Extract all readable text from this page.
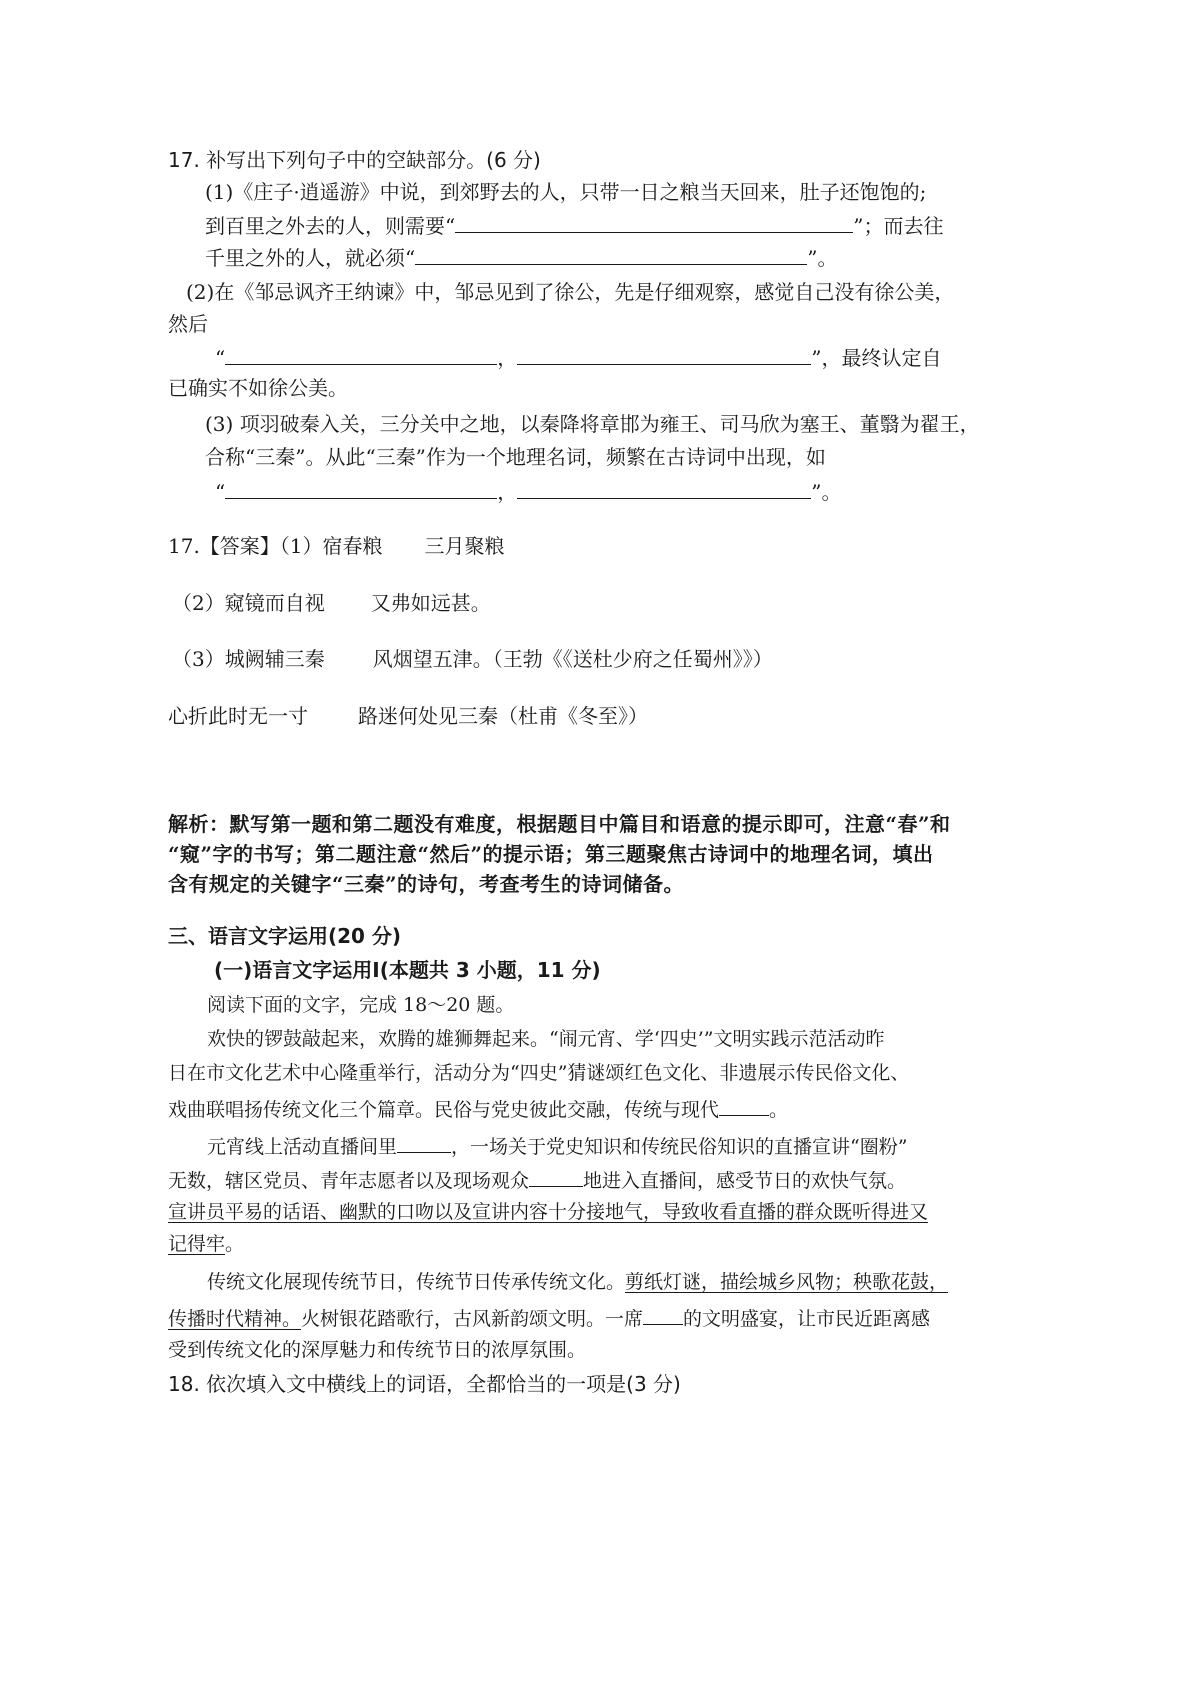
17. 补写出下列句子中的空缺部分。(6 分)
(1)《庄子·逍遥游》中说，到郊野去的人，只带一日之粮当天回来，肚子还饱饱的;
到百里之外去的人，则需要“	”；而去往
千里之外的人，就必须“	”。
(2)在《邹忌讽齐王纳谏》中，邹忌见到了徐公，先是仔细观察，感觉自己没有徐公美，
然后
“	，	”，最终认定自
已确实不如徐公美。
(3) 项羽破秦入关，三分关中之地，以秦降将章邯为雍王、司马欣为塞王、董翳为翟王，
合称“三秦”。从此“三秦”作为一个地理名词，频繁在古诗词中出现，如
“	，	”。
17.【答案】（1）宿春粮 三月聚粮
（2）窥镜而自视 又弗如远甚。
（3）城阙辅三秦 风烟望五津。（王勃《《送杜少府之任蜀州》》）
心折此时无一寸	路迷何处见三秦（杜甫《冬至》）
解析：默写第一题和第二题没有难度，根据题目中篇目和语意的提示即可，注意“春”和
“窥”字的书写；第二题注意“然后”的提示语；第三题聚焦古诗词中的地理名词，填出
含有规定的关键字“三秦”的诗句，考查考生的诗词储备。
三、语言文字运用(20 分)
(一)语言文字运用Ⅰ(本题共 3 小题，11 分)
阅读下面的文字，完成 18～20 题。
欢快的锣鼓敲起来，欢腾的雄狮舞起来。“闹元宵、学‘四史’”文明实践示范活动昨
日在市文化艺术中心隆重举行，活动分为“四史”猜谜颂红色文化、非遗展示传民俗文化、
戏曲联唱扬传统文化三个篇章。民俗与党史彼此交融，传统与现代	。
元宵线上活动直播间里	，一场关于党史知识和传统民俗知识的直播宣讲“圈粉”
无数，辖区党员、青年志愿者以及现场观众	地进入直播间，感受节日的欢快气氛。
宣讲员平易的话语、幽默的口吻以及宣讲内容十分接地气，导致收看直播的群众既听得进又
记得牢。
传统文化展现传统节日，传统节日传承传统文化。剪纸灯谜，描绘城乡风物；秧歌花鼓，
传播时代精神。火树银花踏歌行，古风新韵颂文明。一席 的文明盛宴，让市民近距离感
受到传统文化的深厚魅力和传统节日的浓厚氛围。
18. 依次填入文中横线上的词语，全都恰当的一项是(3 分)
